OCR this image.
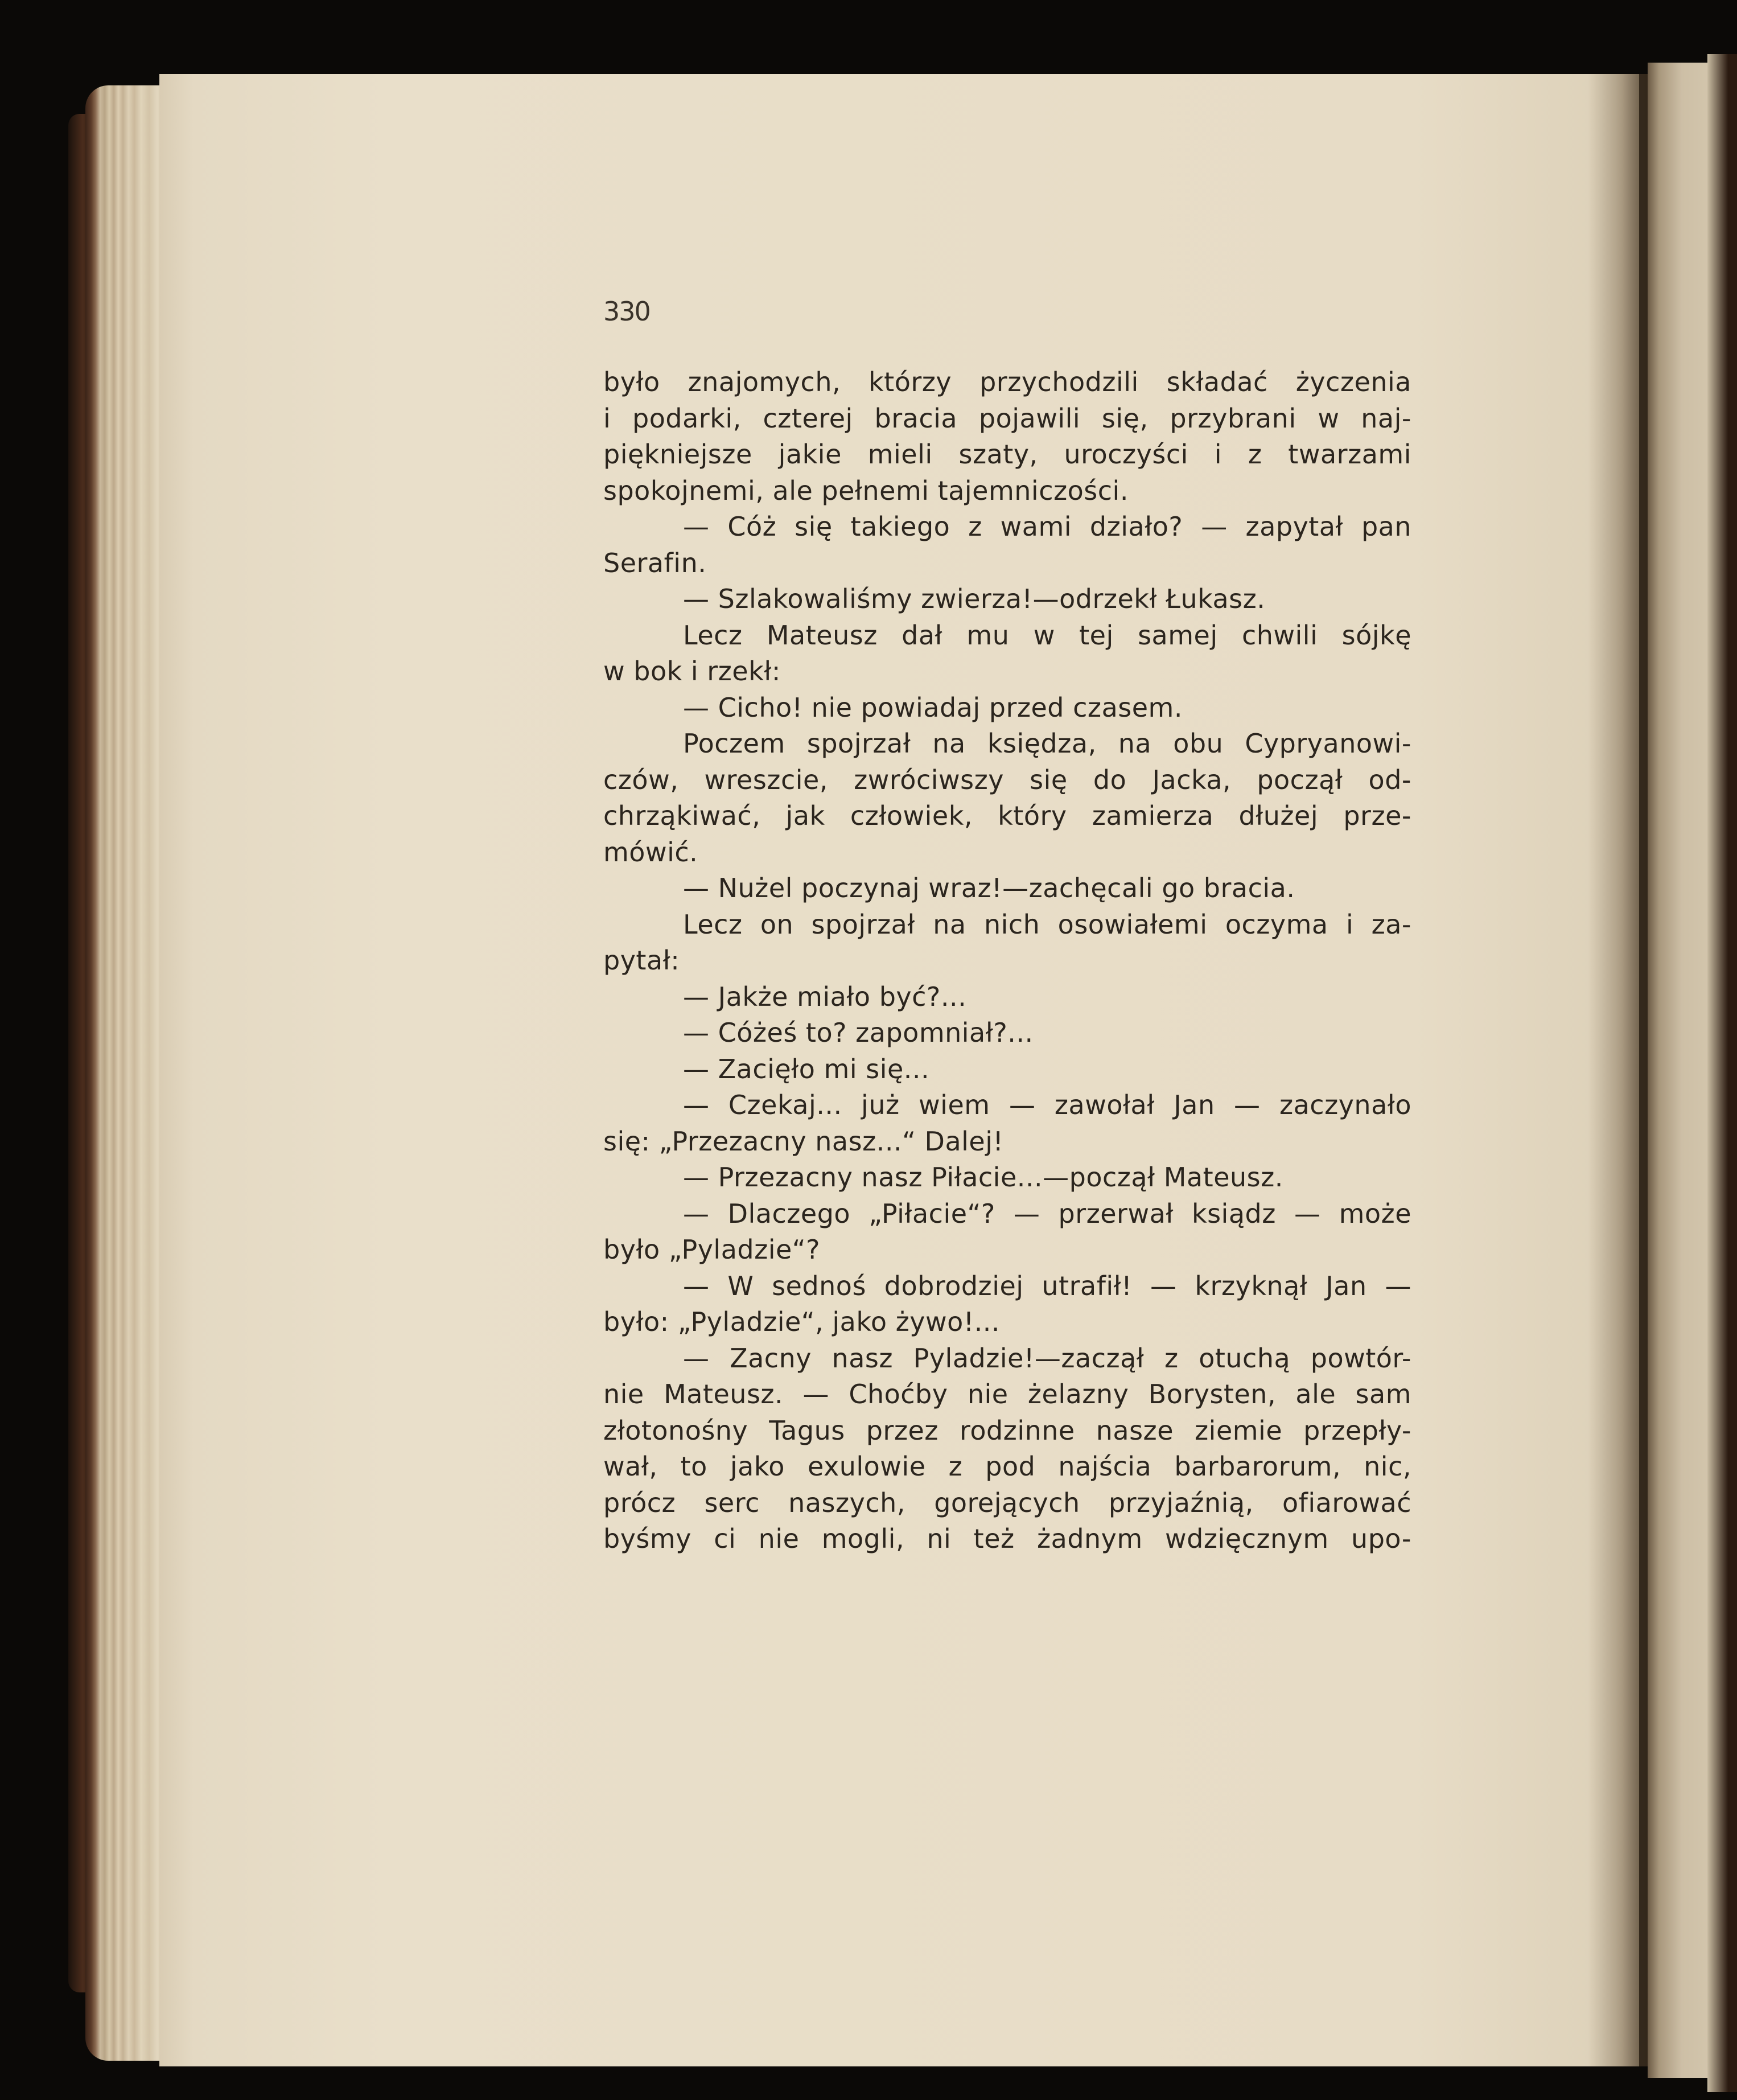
330
było znajomych, którzy przychodzili składać życzenia
i podarki, czterej bracia pojawili się, przybrani w naj-
piękniejsze jakie mieli szaty, uroczyści i z twarzami
spokojnemi, ale pełnemi tajemniczości.
— Cóż się takiego z wami działo? — zapytał pan
Serafin.
— Szlakowaliśmy zwierza!—odrzekł Łukasz.
Lecz Mateusz dał mu w tej samej chwili sójkę
w bok i rzekł:
— Cicho! nie powiadaj przed czasem.
Poczem spojrzał na księdza, na obu Cypryanowi-
czów, wreszcie, zwróciwszy się do Jacka, począł od-
chrząkiwać, jak człowiek, który zamierza dłużej prze-
mówić.
— Nużel poczynaj wraz!—zachęcali go bracia.
Lecz on spojrzał na nich osowiałemi oczyma i za-
pytał:
— Jakże miało być?...
— Cóżeś to? zapomniał?...
— Zacięło mi się...
— Czekaj... już wiem — zawołał Jan — zaczynało
się: „Przezacny nasz...“ Dalej!
— Przezacny nasz Piłacie...—począł Mateusz.
— Dlaczego „Piłacie“? — przerwał ksiądz — może
było „Pyladzie“?
— W sednoś dobrodziej utrafił! — krzyknął Jan —
było: „Pyladzie“, jako żywo!...
— Zacny nasz Pyladzie!—zaczął z otuchą powtór-
nie Mateusz. — Choćby nie żelazny Borysten, ale sam
złotonośny Tagus przez rodzinne nasze ziemie przepły-
wał, to jako exulowie z pod najścia barbarorum, nic,
prócz serc naszych, gorejących przyjaźnią, ofiarować
byśmy ci nie mogli, ni też żadnym wdzięcznym upo-
